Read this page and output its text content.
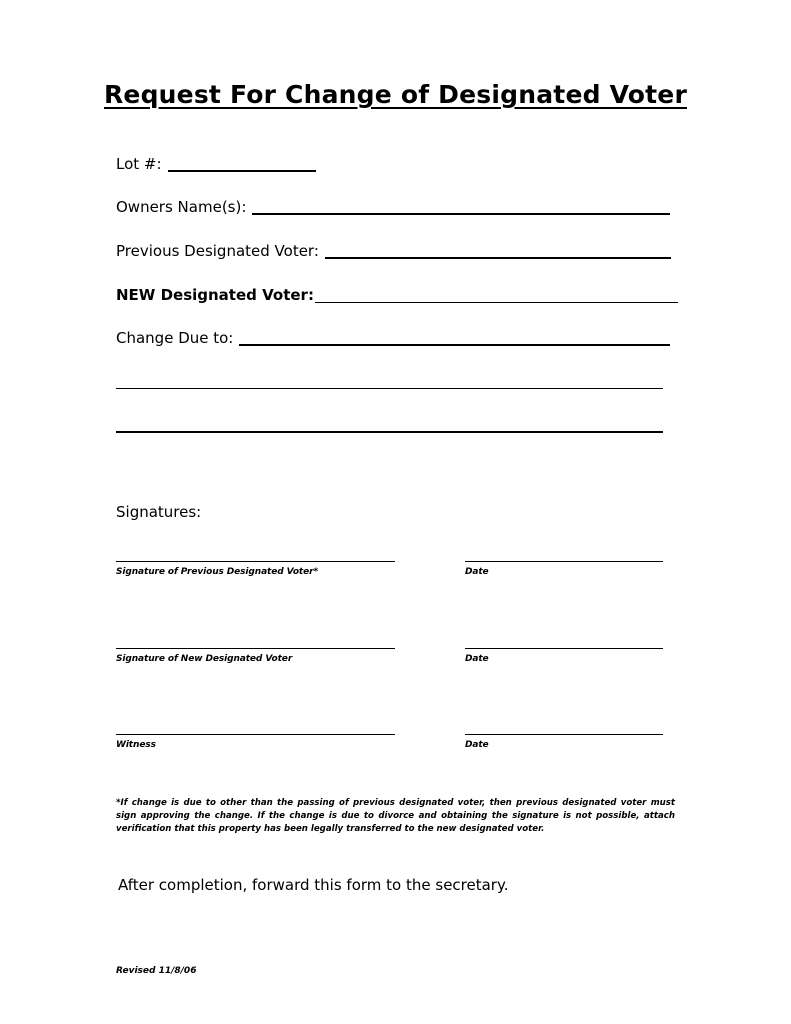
Request For Change of Designated Voter
Lot #:
Owners Name(s):
Previous Designated Voter:
NEW Designated Voter:
Change Due to:
Signatures:
Signature of Previous Designated Voter*	Date
Signature of New Designated Voter	Date
Witness	Date
*If change is due to other than the passing of previous designated voter, then previous designated voter must sign approving the change. If the change is due to divorce and obtaining the signature is not possible, attach verification that this property has been legally transferred to the new designated voter.
After completion, forward this form to the secretary.
Revised 11/8/06
